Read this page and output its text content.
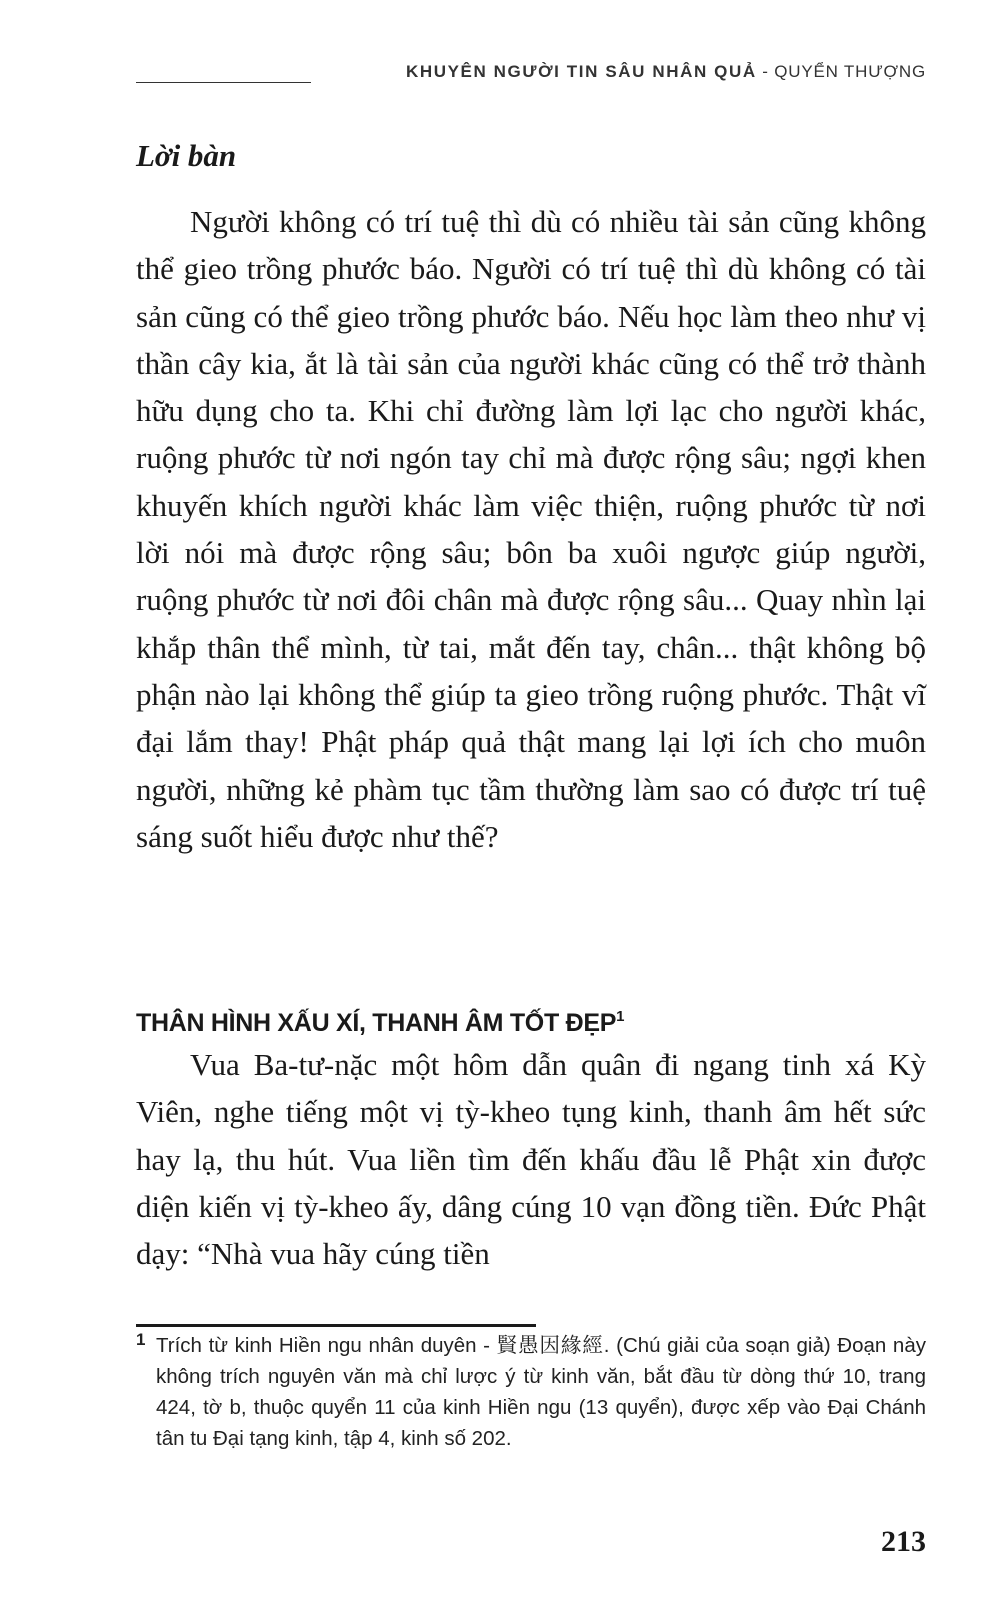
KHUYÊN NGƯỜI TIN SÂU NHÂN QUẢ - QUYỂN THƯỢNG
Lời bàn

Người không có trí tuệ thì dù có nhiều tài sản cũng không thể gieo trồng phước báo. Người có trí tuệ thì dù không có tài sản cũng có thể gieo trồng phước báo. Nếu học làm theo như vị thần cây kia, ắt là tài sản của người khác cũng có thể trở thành hữu dụng cho ta. Khi chỉ đường làm lợi lạc cho người khác, ruộng phước từ nơi ngón tay chỉ mà được rộng sâu; ngợi khen khuyến khích người khác làm việc thiện, ruộng phước từ nơi lời nói mà được rộng sâu; bôn ba xuôi ngược giúp người, ruộng phước từ nơi đôi chân mà được rộng sâu... Quay nhìn lại khắp thân thể mình, từ tai, mắt đến tay, chân... thật không bộ phận nào lại không thể giúp ta gieo trồng ruộng phước. Thật vĩ đại lắm thay! Phật pháp quả thật mang lại lợi ích cho muôn người, những kẻ phàm tục tầm thường làm sao có được trí tuệ sáng suốt hiểu được như thế?

THÂN HÌNH XẤU XÍ, THANH ÂM TỐT ĐẸP$^1$

Vua Ba-tư-nặc một hôm dẫn quân đi ngang tinh xá Kỳ Viên, nghe tiếng một vị tỳ-kheo tụng kinh, thanh âm hết sức hay lạ, thu hút. Vua liền tìm đến khấu đầu lễ Phật xin được diện kiến vị tỳ-kheo ấy, dâng cúng 10 vạn đồng tiền. Đức Phật dạy: “Nhà vua hãy cúng tiền

1 Trích từ kinh Hiền ngu nhân duyên - 賢愚因緣經. (Chú giải của soạn giả) Đoạn này không trích nguyên văn mà chỉ lược ý từ kinh văn, bắt đầu từ dòng thứ 10, trang 424, tờ b, thuộc quyển 11 của kinh Hiền ngu (13 quyển), được xếp vào Đại Chánh tân tu Đại tạng kinh, tập 4, kinh số 202.
213
